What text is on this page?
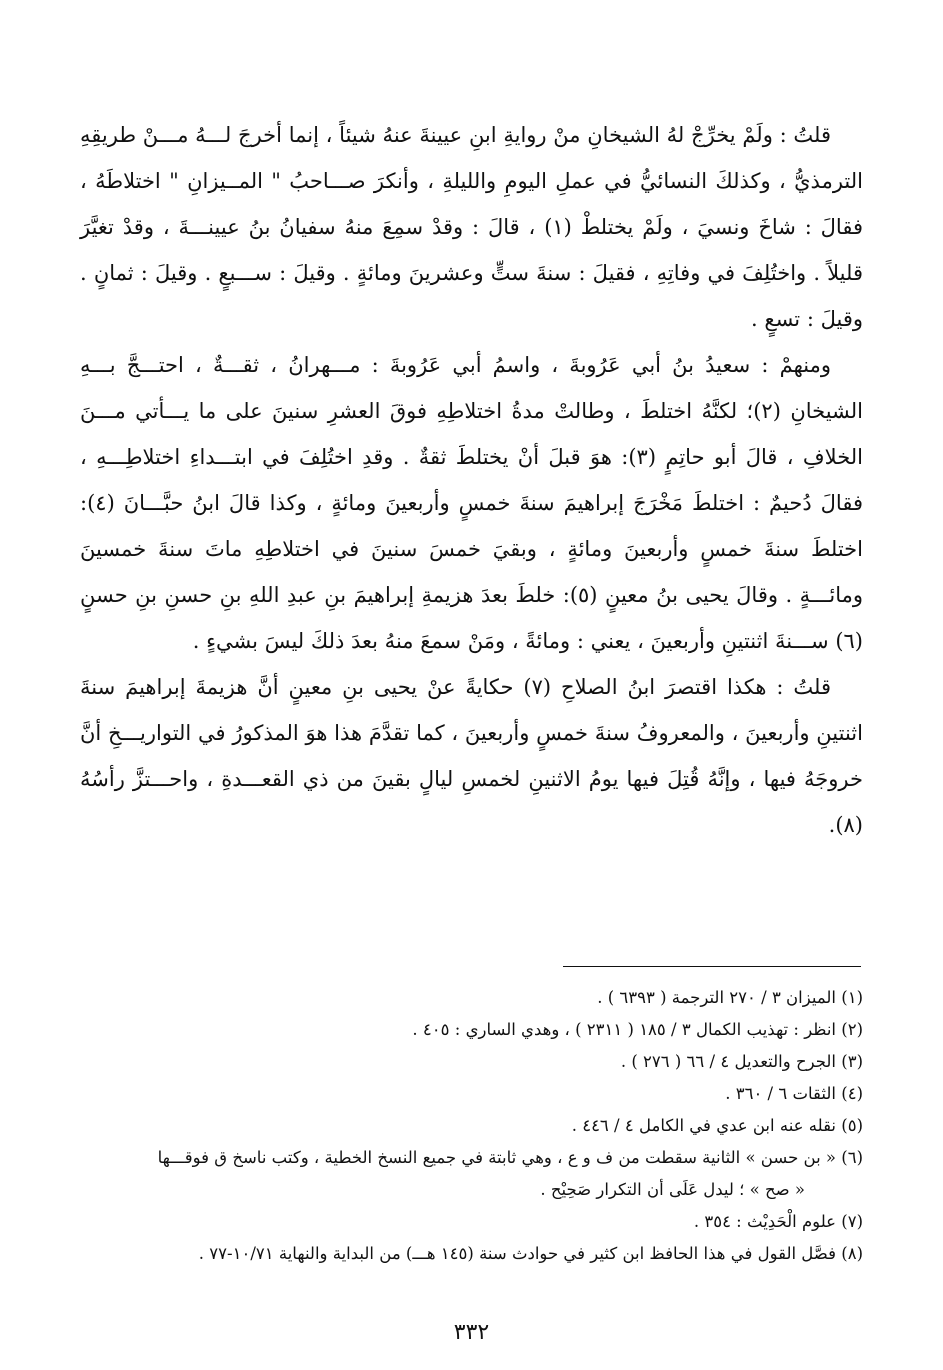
قلتُ : ولَمْ يخرِّجْ لهُ الشيخانِ منْ روايةِ ابنِ عيينةَ عنهُ شيئاً ، إنما أخرجَ لـــهُ مـــنْ طريقِهِ الترمذيُّ ، وكذلكَ النسائيُّ في عملِ اليومِ والليلةِ ، وأنكرَ صـــاحبُ " المــيزانِ " اختلاطَهُ ، فقالَ : شاخَ ونسيَ ، ولَمْ يختلطْ (١) ، قالَ : وقدْ سمِعَ منهُ سفيانُ بنُ عيينـــةَ ، وقدْ تغيَّرَ قليلاً . واختُلِفَ في وفاتِهِ ، فقيلَ : سنةَ ستٍّ وعشرينَ ومائةٍ . وقيلَ : ســـبعٍ . وقيلَ : ثمانٍ . وقيلَ : تسعٍ .

ومنهمْ : سعيدُ بنُ أبي عَرُوبةَ ، واسمُ أبي عَرُوبةَ : مـــهرانُ ، ثقـــةٌ ، احتـــجَّ بـــهِ الشيخانِ (٢)؛ لكنَّهُ اختلطَ ، وطالتْ مدةُ اختلاطِهِ فوقَ العشرِ سنينَ على ما يـــأتي مـــنَ الخلافِ ، قالَ أبو حاتِمٍ (٣): هوَ قبلَ أنْ يختلطَ ثقةٌ . وقدِ اختُلِفَ في ابتـــداءِ اختلاطِـــهِ ، فقالَ دُحيمٌ : اختلطَ مَخْرَجَ إبراهيمَ سنةَ خمسٍ وأربعينَ ومائةٍ ، وكذا قالَ ابنُ حبَّـــانَ (٤): اختلطَ سنةَ خمسٍ وأربعينَ ومائةٍ ، وبقيَ خمسَ سنينَ في اختلاطِهِ ماتَ سنةَ خمسينَ ومائـــةٍ . وقالَ يحيى بنُ معينٍ (٥): خلطَ بعدَ هزيمةِ إبراهيمَ بنِ عبدِ اللهِ بنِ حسنِ بنِ حسنٍ (٦) ســـنةَ اثنتينِ وأربعينَ ، يعني : ومائةً ، ومَنْ سمعَ منهُ بعدَ ذلكَ ليسَ بشيءٍ .

قلتُ : هكذا اقتصرَ ابنُ الصلاحِ (٧) حكايةً عنْ يحيى بنِ معينٍ أنَّ هزيمةَ إبراهيمَ سنةَ اثنتينِ وأربعينَ ، والمعروفُ سنةَ خمسٍ وأربعينَ ، كما تقدَّمَ هذا هوَ المذكورُ في التواريـــخِ أنَّ خروجَهُ فيها ، وإنَّهُ قُتِلَ فيها يومُ الاثنينِ لخمسِ ليالٍ بقينَ من ذي القعـــدةِ ، واحـــتزَّ رأسُهُ (٨).

(١) الميزان ٣ / ٢٧٠ الترجمة ( ٦٣٩٣ ) .

(٢) انظر : تهذيب الكمال ٣ / ١٨٥ ( ٢٣١١ ) ، وهدي الساري : ٤٠٥ .

(٣) الجرح والتعديل ٤ / ٦٦ ( ٢٧٦ ) .

(٤) الثقات ٦ / ٣٦٠ .

(٥) نقله عنه ابن عدي في الكامل ٤ / ٤٤٦ .

(٦) « بن حسن » الثانية سقطت من ف و ع ، وهي ثابتة في جميع النسخ الخطية ، وكتب ناسخ ق فوقـــها
« صح » ؛ ليدل عَلَى أن التكرار صَحِيْح .

(٧) علوم الْحَدِيْث : ٣٥٤ .

(٨) فصَّل القول في هذا الحافظ ابن كثير في حوادث سنة (١٤٥ هـــ) من البداية والنهاية ١٠/٧١-٧٧ .

٣٣٢
